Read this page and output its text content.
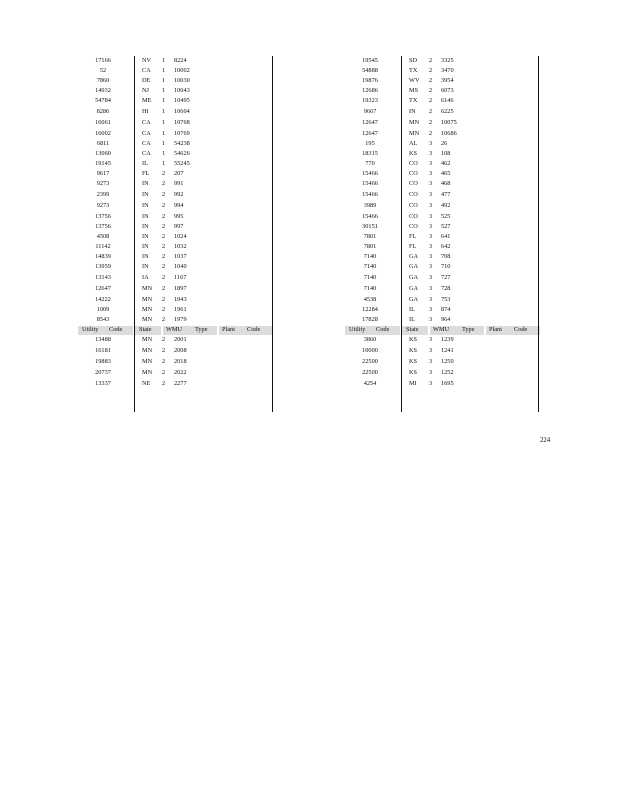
17166	NV 1 8224
52	CA 1 10002
7860	DE 1 10030
14932	NJ 1 10043
54784	ME 1 10495
8286	HI 1 10604
16061	CA 1 10768
16002	CA 1 10769
6811	CA 1 54238
13060	CA 1 54626
19145	IL 1 55245
9617	FL 2 207
9273	IN 2 991
2399	IN 2 992
9273	IN 2 994
13756	IN 2 995
13756	IN 2 997
4508	IN 2 1024
11142	IN 2 1032
14839	IN 2 1037
13959	IN 2 1040
13143	IA 2 1167
12647	MN 2 1897
14222	MN 2 1943
1009	MN 2 1961
8543	MN 2 1979
Utility Code	State WMU Type Plant Code
13488	MN 2 2001
16181	MN 2 2008
19883	MN 2 2018
20737	MN 2 2022
13337	NE 2 2277
19545	SD 2 3325
54888	TX 2 3470
19876	WV 2 3954
12686	MS 2 6073
19323	TX 2 6146
9667	IN 2 6225
12647	MN 2 10075
12647	MN 2 10686
195	AL 3 26
18315	KS 3 108
770	CO 3 462
15466	CO 3 465
15466	CO 3 468
15466	CO 3 477
3989	CO 3 492
15466	CO 3 525
30151	CO 3 527
7801	FL 3 641
7801	FL 3 642
7140	GA 3 708
7140	GA 3 710
7140	GA 3 727
7140	GA 3 728
4538	GA 3 753
12284	IL 3 874
17828	IL 3 964
Utility Code	State WMU Type Plant Code
3860	KS 3 1239
10000	KS 3 1241
22500	KS 3 1250
22500	KS 3 1252
4254	MI 3 1695
224
